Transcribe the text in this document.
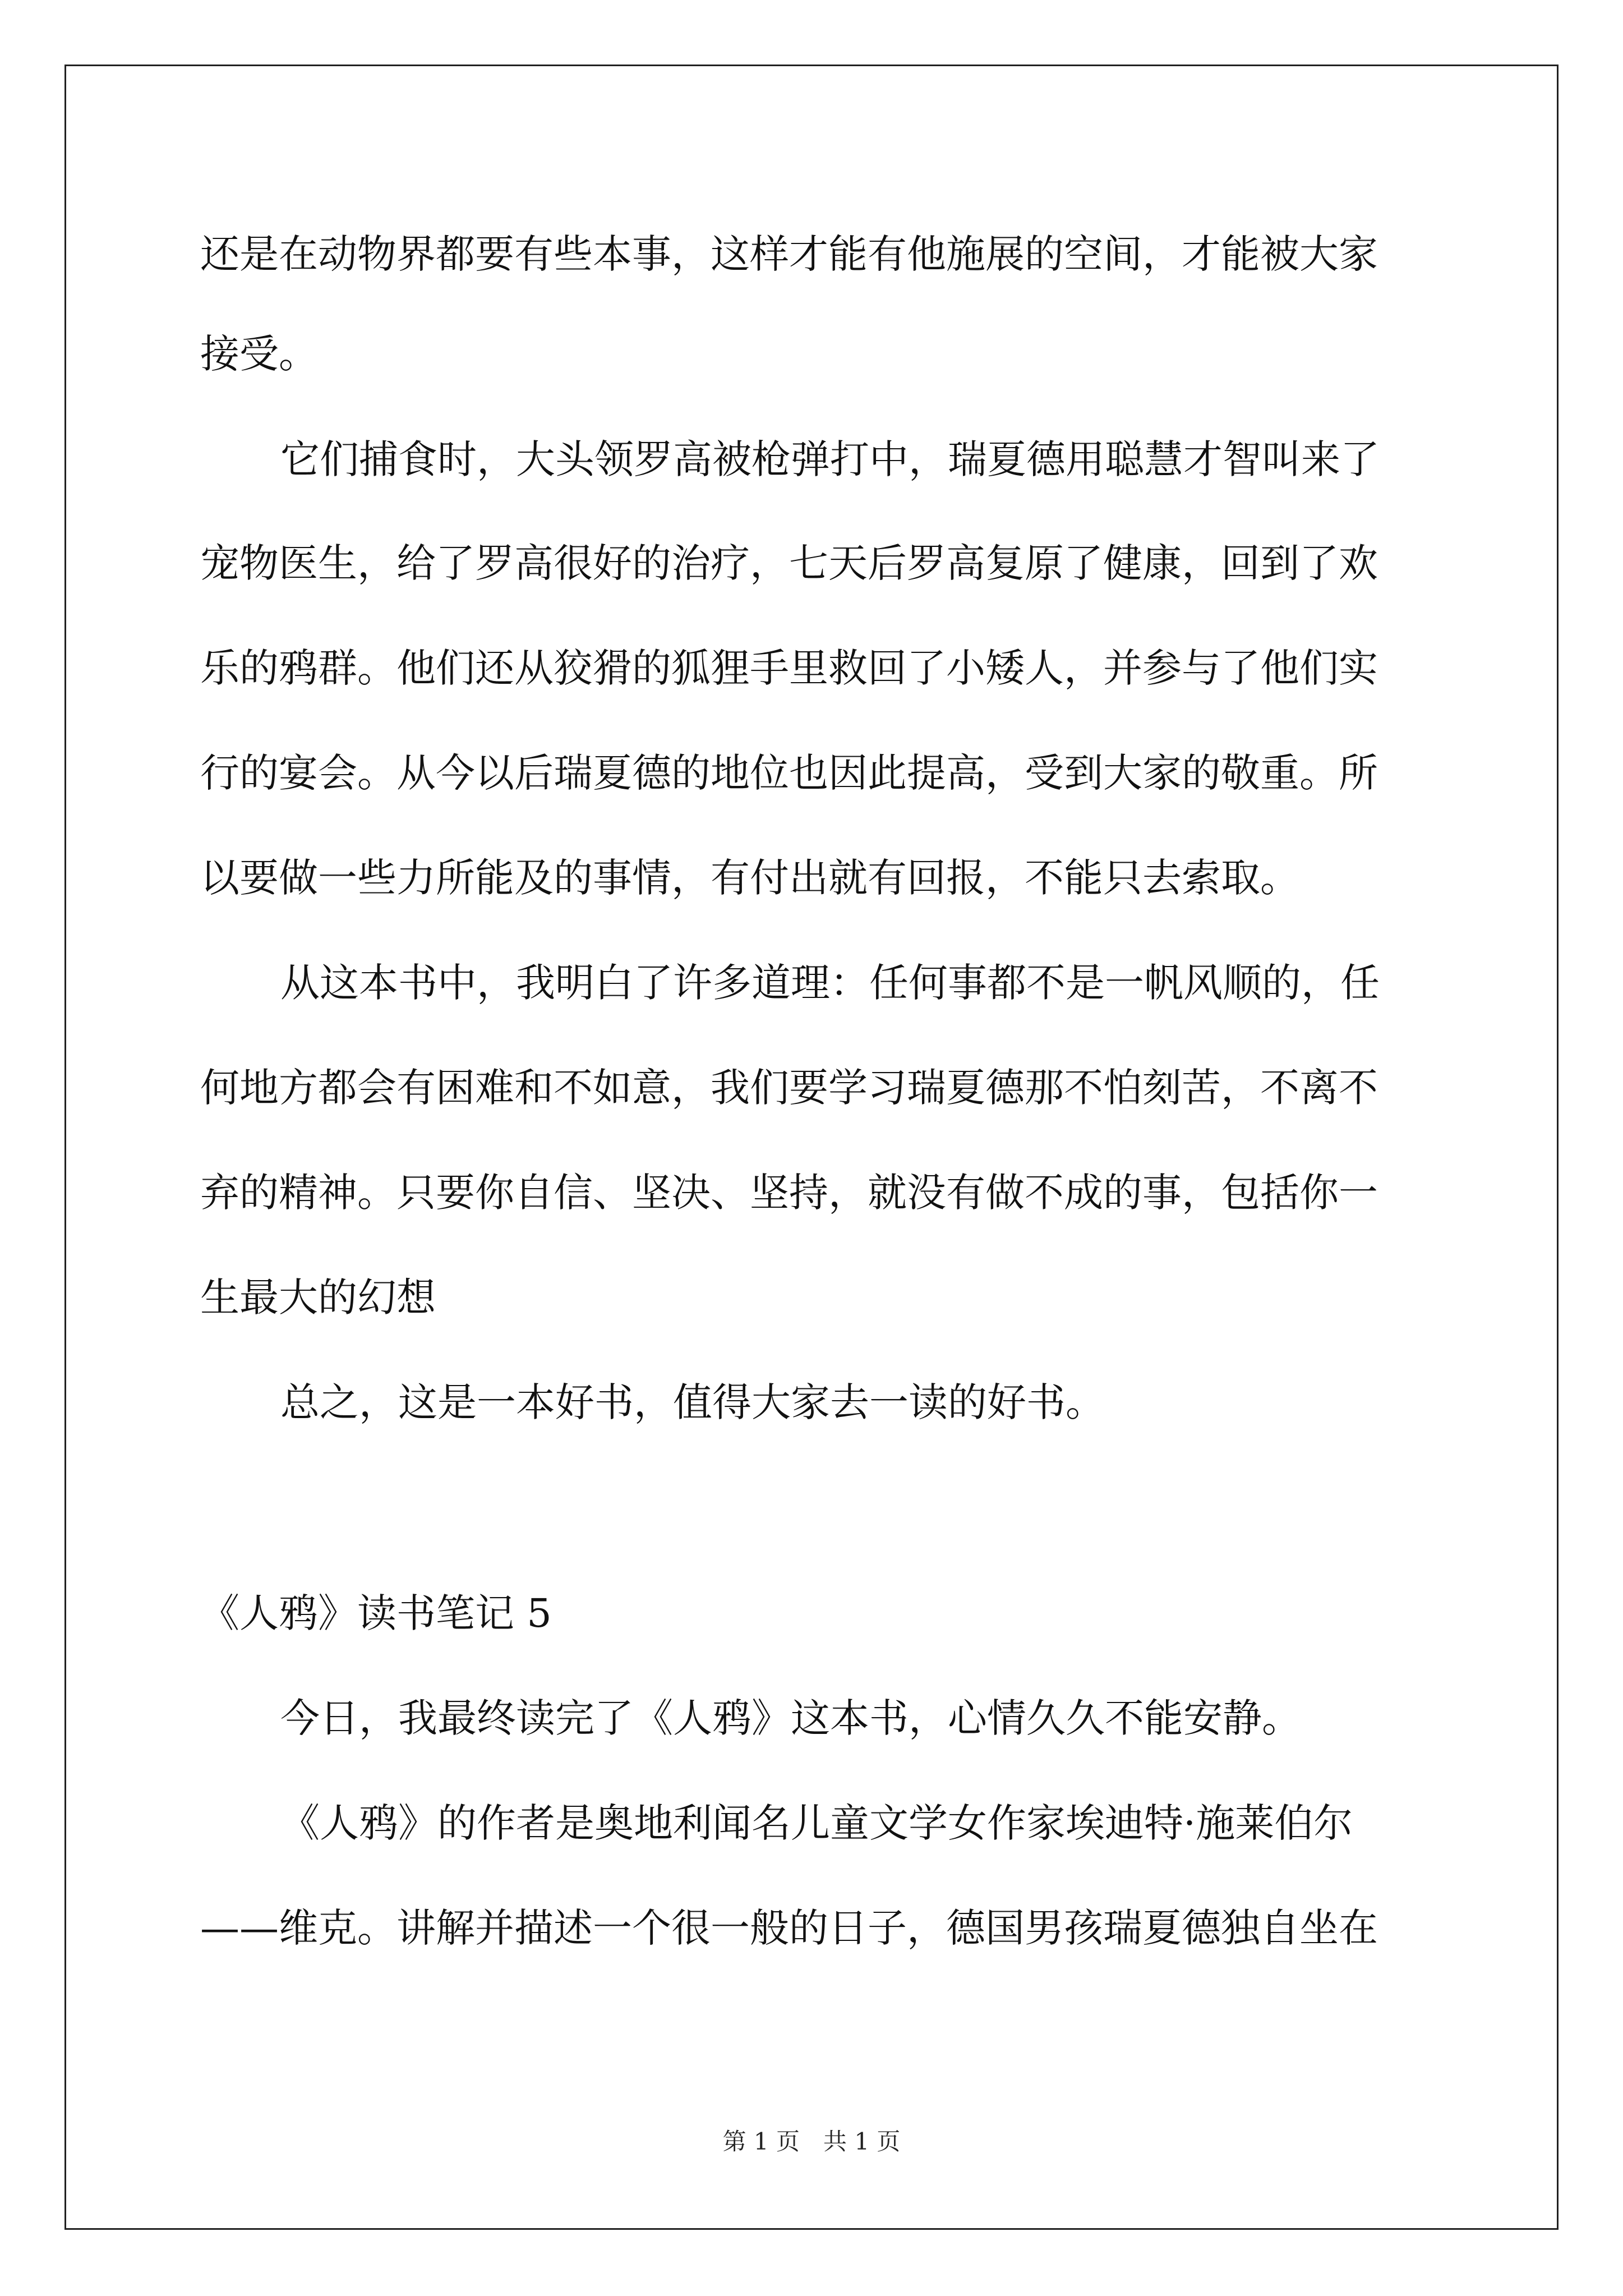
还是在动物界都要有些本事，这样才能有他施展的空间，才能被大家
接受。
它们捕食时，大头领罗高被枪弹打中，瑞夏德用聪慧才智叫来了
宠物医生，给了罗高很好的治疗，七天后罗高复原了健康，回到了欢
乐的鸦群。他们还从狡猾的狐狸手里救回了小矮人，并参与了他们实
行的宴会。从今以后瑞夏德的地位也因此提高，受到大家的敬重。所
以要做一些力所能及的事情，有付出就有回报，不能只去索取。
从这本书中，我明白了许多道理：任何事都不是一帆风顺的，任
何地方都会有困难和不如意，我们要学习瑞夏德那不怕刻苦，不离不
弃的精神。只要你自信、坚决、坚持，就没有做不成的事，包括你一
生最大的幻想
总之，这是一本好书，值得大家去一读的好书。
《人鸦》读书笔记 5
今日，我最终读完了《人鸦》这本书，心情久久不能安静。
《人鸦》的作者是奥地利闻名儿童文学女作家埃迪特·施莱伯尔
——维克。讲解并描述一个很一般的日子，德国男孩瑞夏德独自坐在
第 1 页　共 1 页
